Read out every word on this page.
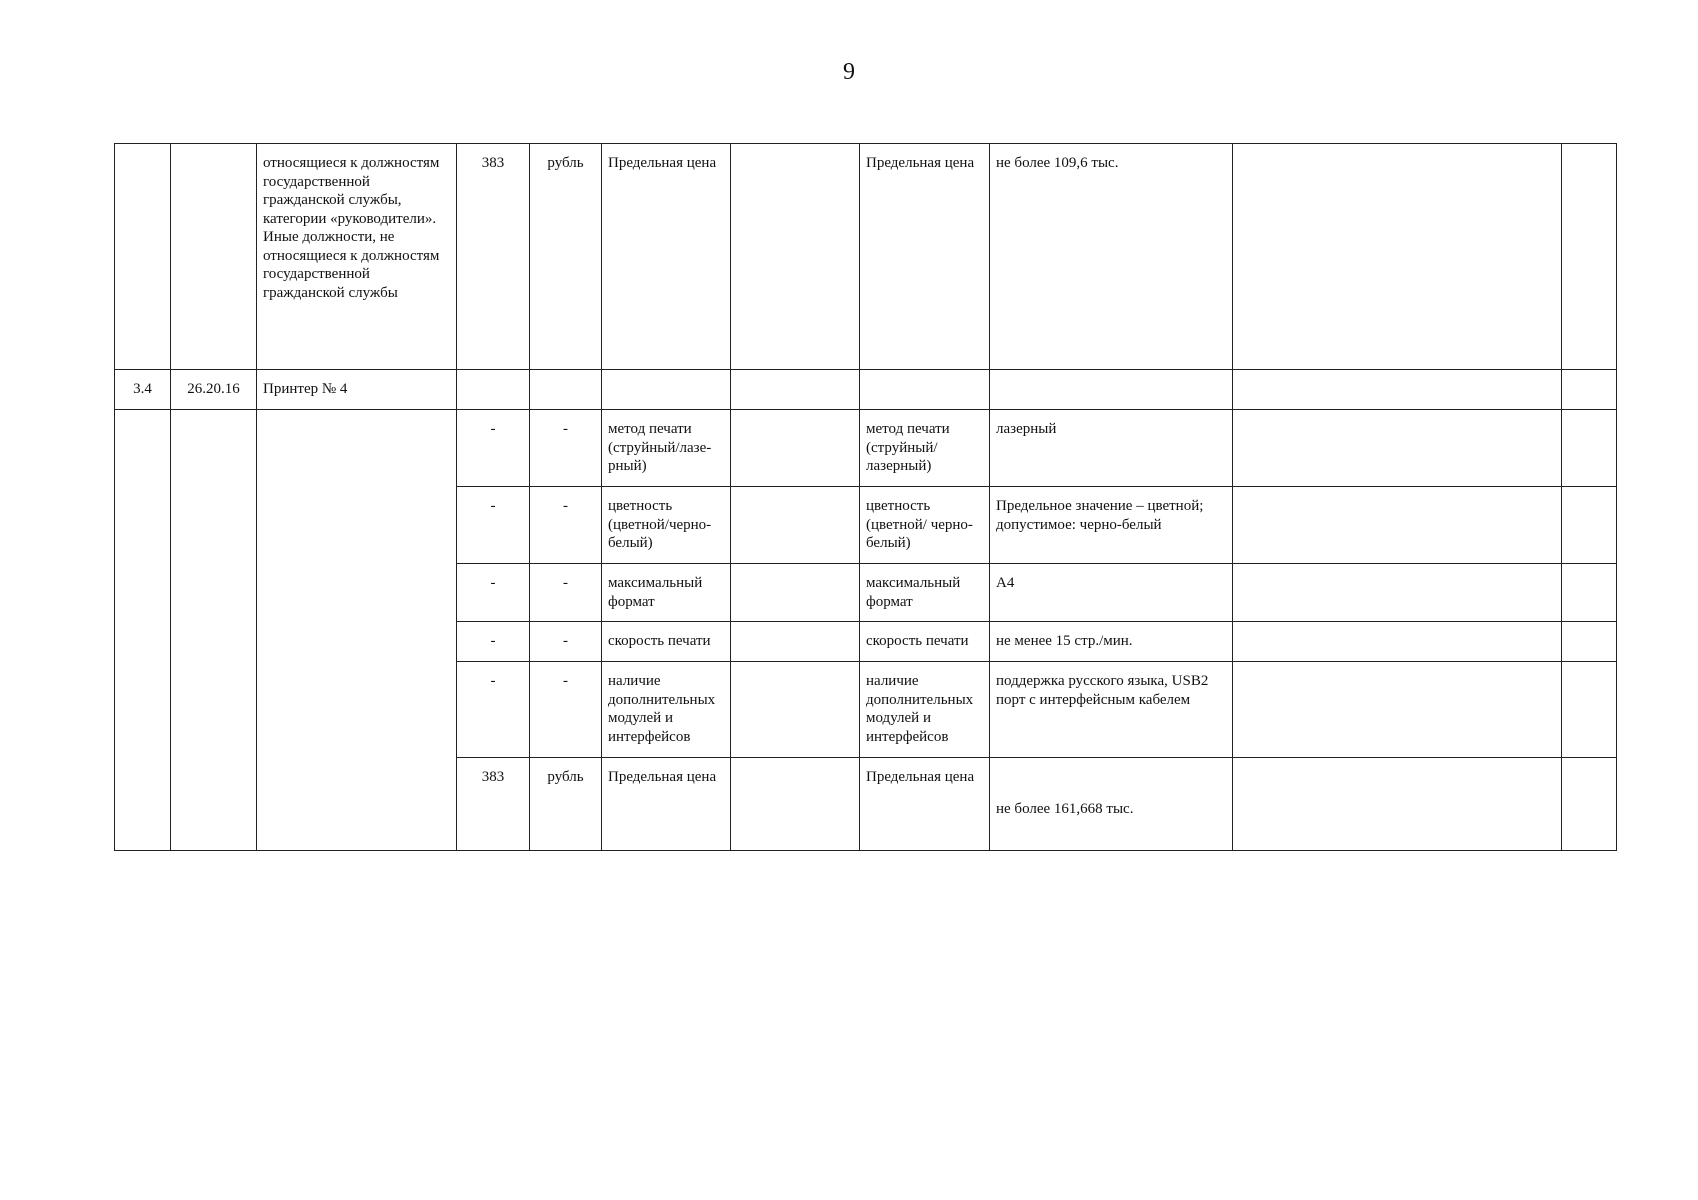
9
		относящиеся к должностям государственной гражданской службы, категории «руководители». Иные должности, не относящиеся к должностям государственной гражданской службы	383	рубль	Предельная цена		Предельная цена	не более 109,6 тыс.		
3.4	26.20.16	Принтер № 4								
			-	-	метод печати (струйный/лазе-рный)		метод печати (струйный/ лазерный)	лазерный		
			-	-	цветность (цветной/черно-белый)		цветность (цветной/ черно-белый)	Предельное значение – цветной; допустимое: черно-белый		
			-	-	максимальный формат		максимальный формат	А4		
			-	-	скорость печати		скорость печати	не менее 15 стр./мин.		
			-	-	наличие дополнительных модулей и интерфейсов		наличие дополнительных модулей и интерфейсов	поддержка русского языка, USB2 порт с интерфейсным кабелем		
			383	рубль	Предельная цена		Предельная цена	не более 161,668 тыс.		
